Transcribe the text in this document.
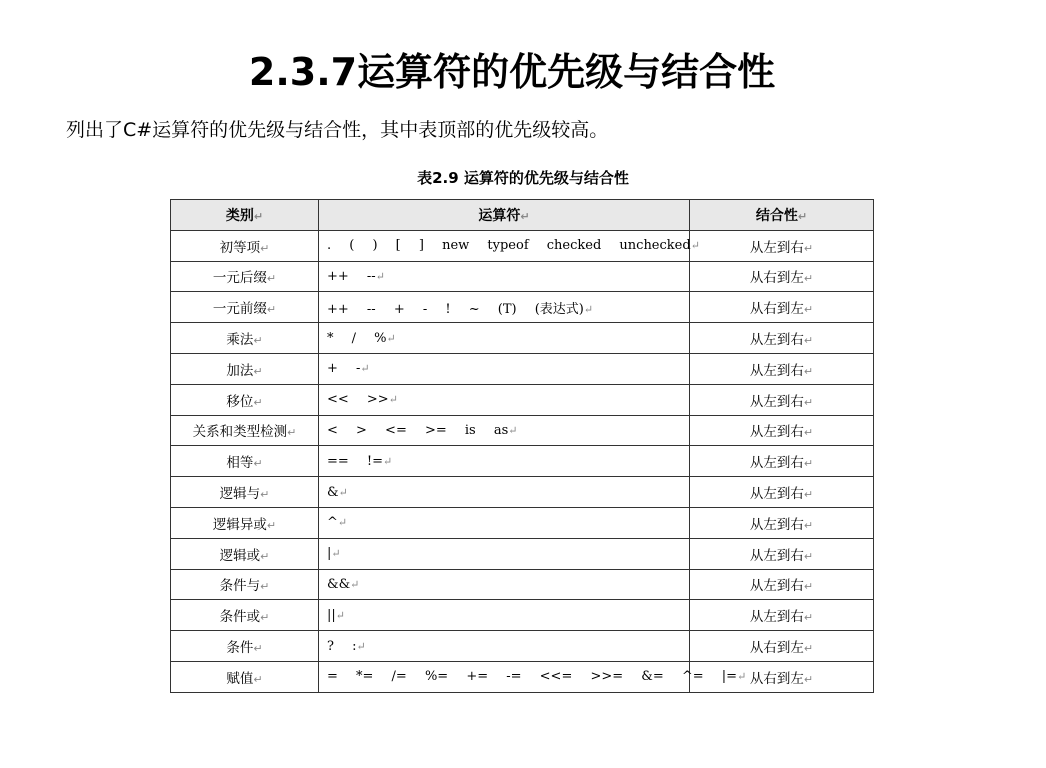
2.3.7运算符的优先级与结合性
列出了C#运算符的优先级与结合性，其中表顶部的优先级较高。
表2.9 运算符的优先级与结合性
类别↵	运算符↵	结合性↵
初等项↵	. ( ) [ ] new typeof checked unchecked↵	从左到右↵
一元后缀↵	++ --↵	从右到左↵
一元前缀↵	++ -- + - ! ~ (T) (表达式)↵	从右到左↵
乘法↵	* / %↵	从左到右↵
加法↵	+ -↵	从左到右↵
移位↵	<< >>↵	从左到右↵
关系和类型检测↵	< > <= >= is as↵	从左到右↵
相等↵	== !=↵	从左到右↵
逻辑与↵	&↵	从左到右↵
逻辑异或↵	^↵	从左到右↵
逻辑或↵	|↵	从左到右↵
条件与↵	&&↵	从左到右↵
条件或↵	||↵	从左到右↵
条件↵	? :↵	从右到左↵
赋值↵	= *= /= %= += -= <<= >>= &= ^= |=↵	从右到左↵
